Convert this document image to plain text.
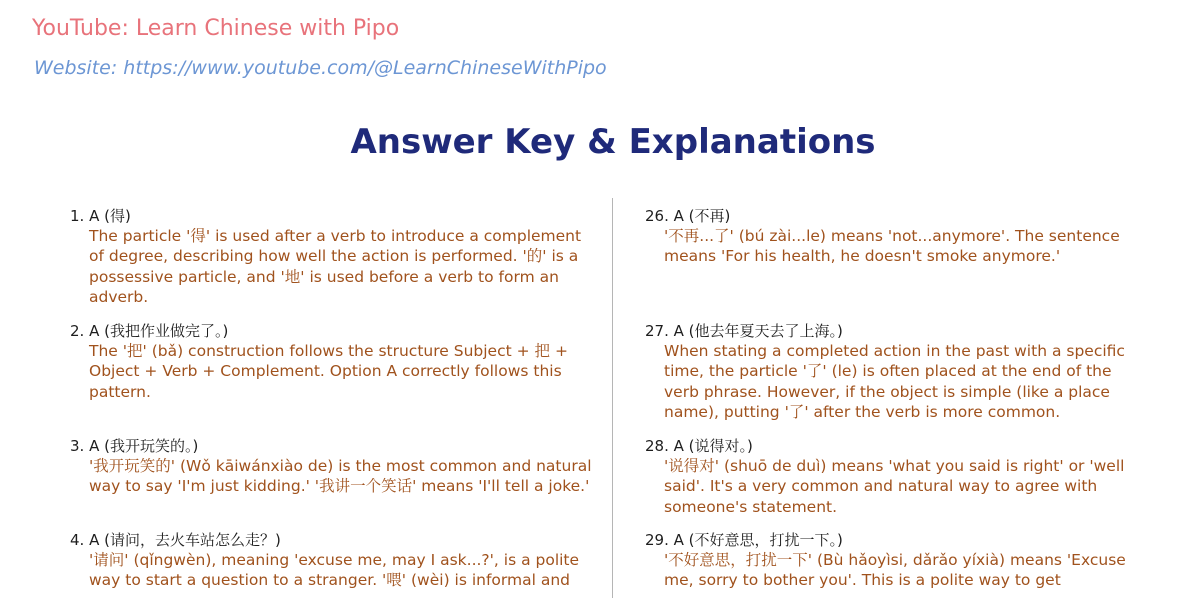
YouTube: Learn Chinese with Pipo
Website: https://www.youtube.com/@LearnChineseWithPipo
Answer Key & Explanations
1. A (得)
The particle '得' is used after a verb to introduce a complement of degree, describing how well the action is performed. '的' is a possessive particle, and '地' is used before a verb to form an adverb.
2. A (我把作业做完了。)
The '把' (bǎ) construction follows the structure Subject + 把 + Object + Verb + Complement. Option A correctly follows this pattern.
3. A (我开玩笑的。)
'我开玩笑的' (Wǒ kāiwánxiào de) is the most common and natural way to say 'I'm just kidding.' '我讲一个笑话' means 'I'll tell a joke.'
4. A (请问，去火车站怎么走？)
'请问' (qǐngwèn), meaning 'excuse me, may I ask...?', is a polite way to start a question to a stranger. '喂' (wèi) is informal and
26. A (不再)
'不再...了' (bú zài...le) means 'not...anymore'. The sentence means 'For his health, he doesn't smoke anymore.'
27. A (他去年夏天去了上海。)
When stating a completed action in the past with a specific time, the particle '了' (le) is often placed at the end of the verb phrase. However, if the object is simple (like a place name), putting '了' after the verb is more common.
28. A (说得对。)
'说得对' (shuō de duì) means 'what you said is right' or 'well said'. It's a very common and natural way to agree with someone's statement.
29. A (不好意思，打扰一下。)
'不好意思，打扰一下' (Bù hǎoyìsi, dǎrǎo yíxià) means 'Excuse me, sorry to bother you'. This is a polite way to get
